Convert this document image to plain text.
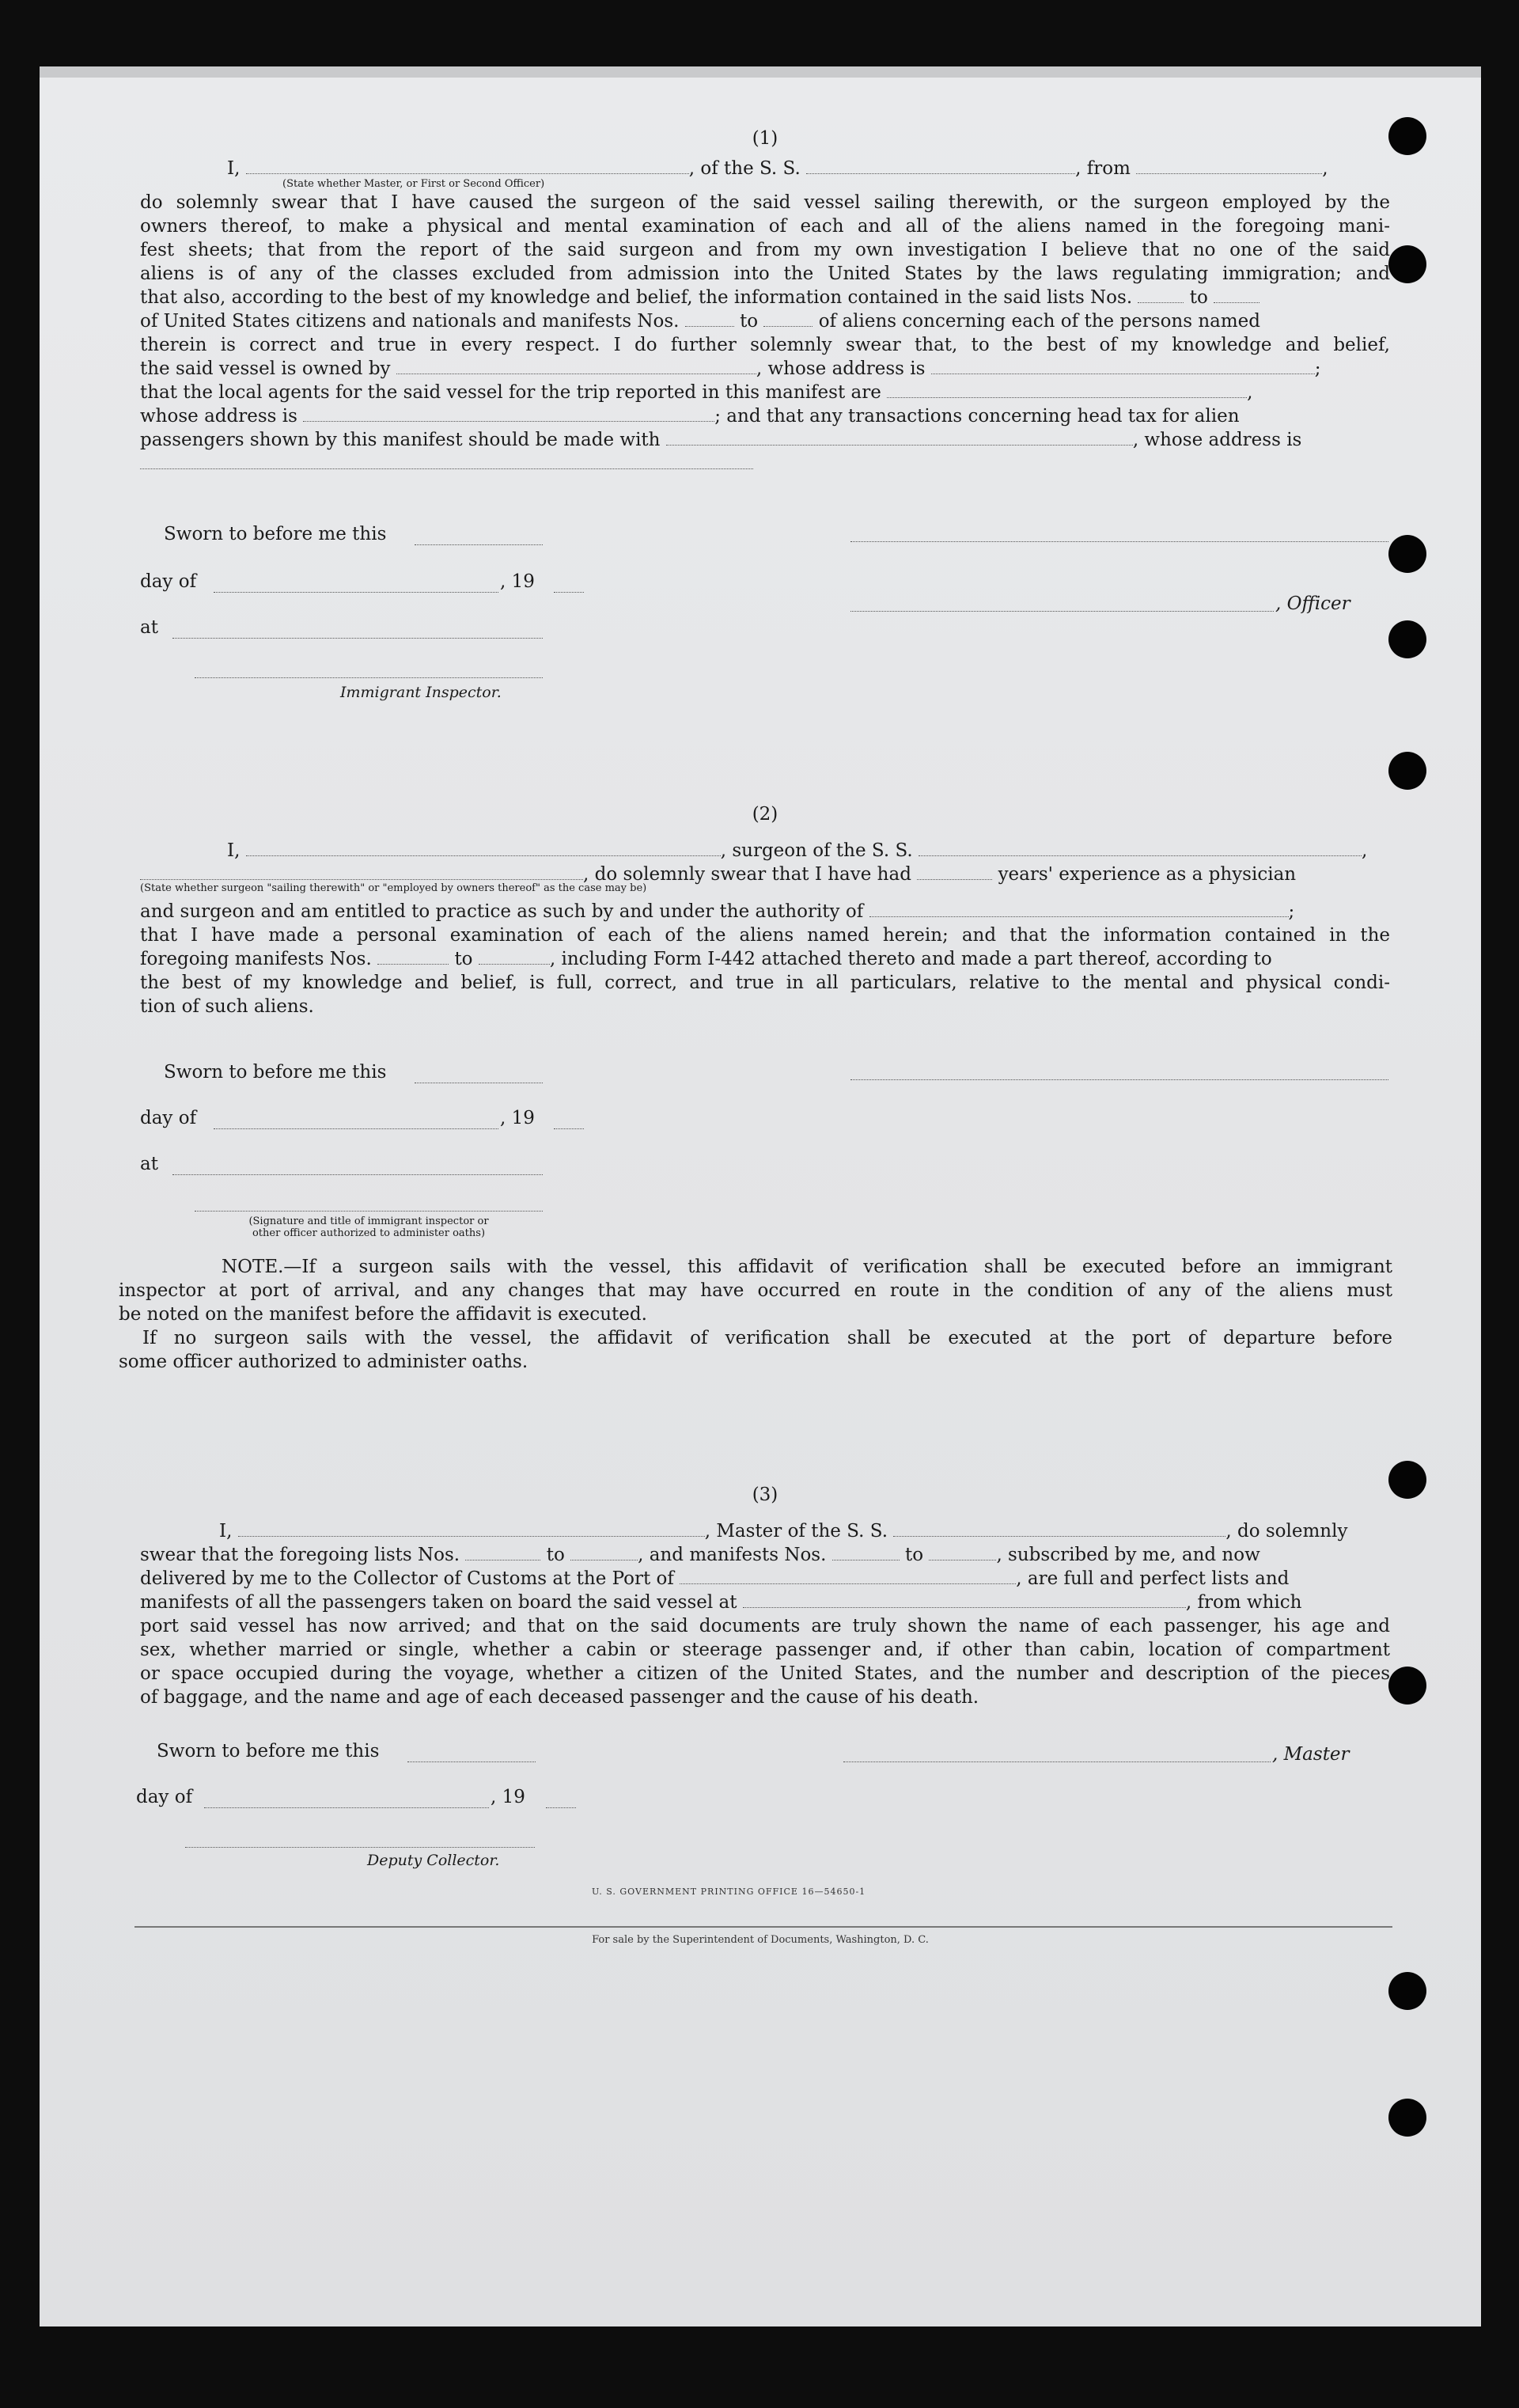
(1)
I,	, of the S. S.	, from	,
(State whether Master, or First or Second Officer)
do solemnly swear that I have caused the surgeon of the said vessel sailing therewith, or the surgeon employed by the
owners thereof, to make a physical and mental examination of each and all of the aliens named in the foregoing mani-
fest sheets; that from the report of the said surgeon and from my own investigation I believe that no one of the said
aliens is of any of the classes excluded from admission into the United States by the laws regulating immigration; and
that also, according to the best of my knowledge and belief, the information contained in the said lists Nos.	to
of United States citizens and nationals and manifests Nos.	to	of aliens concerning each of the persons named
therein is correct and true in every respect. I do further solemnly swear that, to the best of my knowledge and belief,
the said vessel is owned by	, whose address is	;
that the local agents for the said vessel for the trip reported in this manifest are	,
whose address is	; and that any transactions concerning head tax for alien
passengers shown by this manifest should be made with	, whose address is
Sworn to before me this
day of	, 19
at
Immigrant Inspector.
, Officer
(2)
I,	, surgeon of the S. S.	,
, do solemnly swear that I have had	years' experience as a physician
(State whether surgeon "sailing therewith" or "employed by owners thereof" as the case may be)
and surgeon and am entitled to practice as such by and under the authority of	;
that I have made a personal examination of each of the aliens named herein; and that the information contained in the
foregoing manifests Nos.	to	, including Form I-442 attached thereto and made a part thereof, according to
the best of my knowledge and belief, is full, correct, and true in all particulars, relative to the mental and physical condi-
tion of such aliens.
Sworn to before me this
day of	, 19
at
(Signature and title of immigrant inspector or
other officer authorized to administer oaths)
NOTE.—If a surgeon sails with the vessel, this affidavit of verification shall be executed before an immigrant
inspector at port of arrival, and any changes that may have occurred en route in the condition of any of the aliens must
be noted on the manifest before the affidavit is executed.
If no surgeon sails with the vessel, the affidavit of verification shall be executed at the port of departure before
some officer authorized to administer oaths.
(3)
I,	, Master of the S. S.	, do solemnly
swear that the foregoing lists Nos.	to	, and manifests Nos.	to	, subscribed by me, and now
delivered by me to the Collector of Customs at the Port of	, are full and perfect lists and
manifests of all the passengers taken on board the said vessel at	, from which
port said vessel has now arrived; and that on the said documents are truly shown the name of each passenger, his age and
sex, whether married or single, whether a cabin or steerage passenger and, if other than cabin, location of compartment
or space occupied during the voyage, whether a citizen of the United States, and the number and description of the pieces
of baggage, and the name and age of each deceased passenger and the cause of his death.
Sworn to before me this	, Master
day of	, 19
Deputy Collector.
U. S. GOVERNMENT PRINTING OFFICE 16—54650-1
For sale by the Superintendent of Documents, Washington, D. C.
